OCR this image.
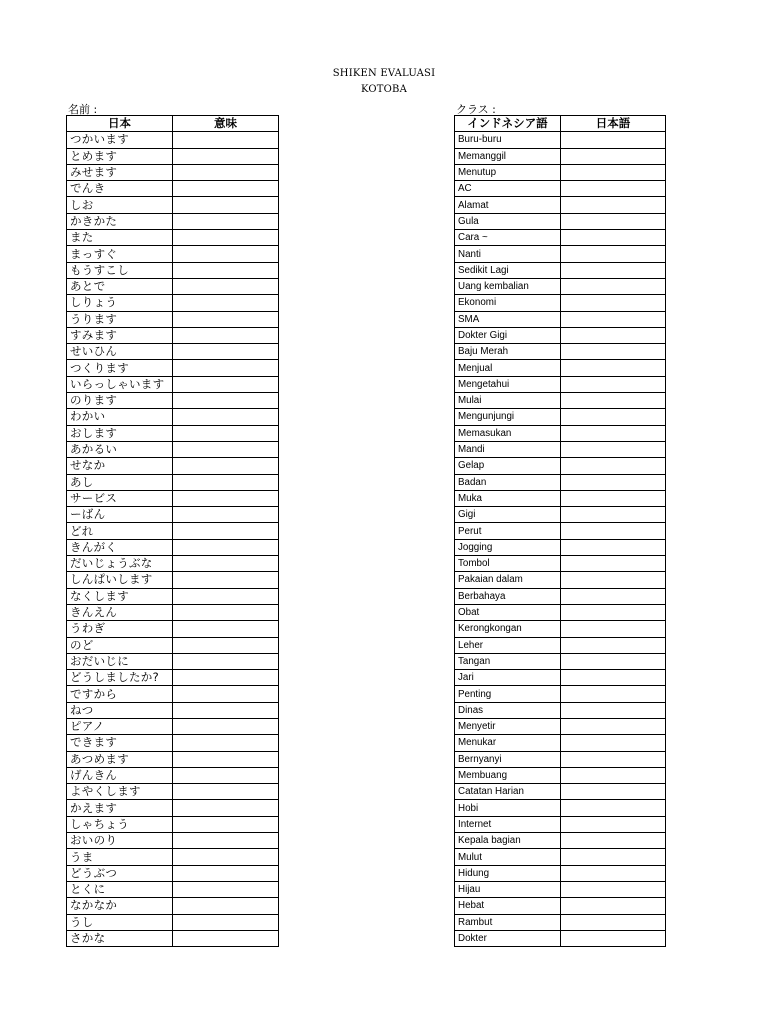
SHIKEN EVALUASI
KOTOBA
名前 :	クラス :
日本	意味
つかいます	
とめます	
みせます	
でんき	
しお	
かきかた	
また	
まっすぐ	
もうすこし	
あとで	
しりょう	
うります	
すみます	
せいひん	
つくります	
いらっしゃいます	
のります	
わかい	
おします	
あかるい	
せなか	
あし	
サービス	
ーばん	
どれ	
きんがく	
だいじょうぶな	
しんぱいします	
なくします	
きんえん	
うわぎ	
のど	
おだいじに	
どうしましたか?	
ですから	
ねつ	
ピアノ	
できます	
あつめます	
げんきん	
よやくします	
かえます	
しゃちょう	
おいのり	
うま	
どうぶつ	
とくに	
なかなか	
うし	
さかな	
インドネシア語	日本語
Buru-buru	
Memanggil	
Menutup	
AC	
Alamat	
Gula	
Cara ~	
Nanti	
Sedikit Lagi	
Uang kembalian	
Ekonomi	
SMA	
Dokter Gigi	
Baju Merah	
Menjual	
Mengetahui	
Mulai	
Mengunjungi	
Memasukan	
Mandi	
Gelap	
Badan	
Muka	
Gigi	
Perut	
Jogging	
Tombol	
Pakaian dalam	
Berbahaya	
Obat	
Kerongkongan	
Leher	
Tangan	
Jari	
Penting	
Dinas	
Menyetir	
Menukar	
Bernyanyi	
Membuang	
Catatan Harian	
Hobi	
Internet	
Kepala bagian	
Mulut	
Hidung	
Hijau	
Hebat	
Rambut	
Dokter	
